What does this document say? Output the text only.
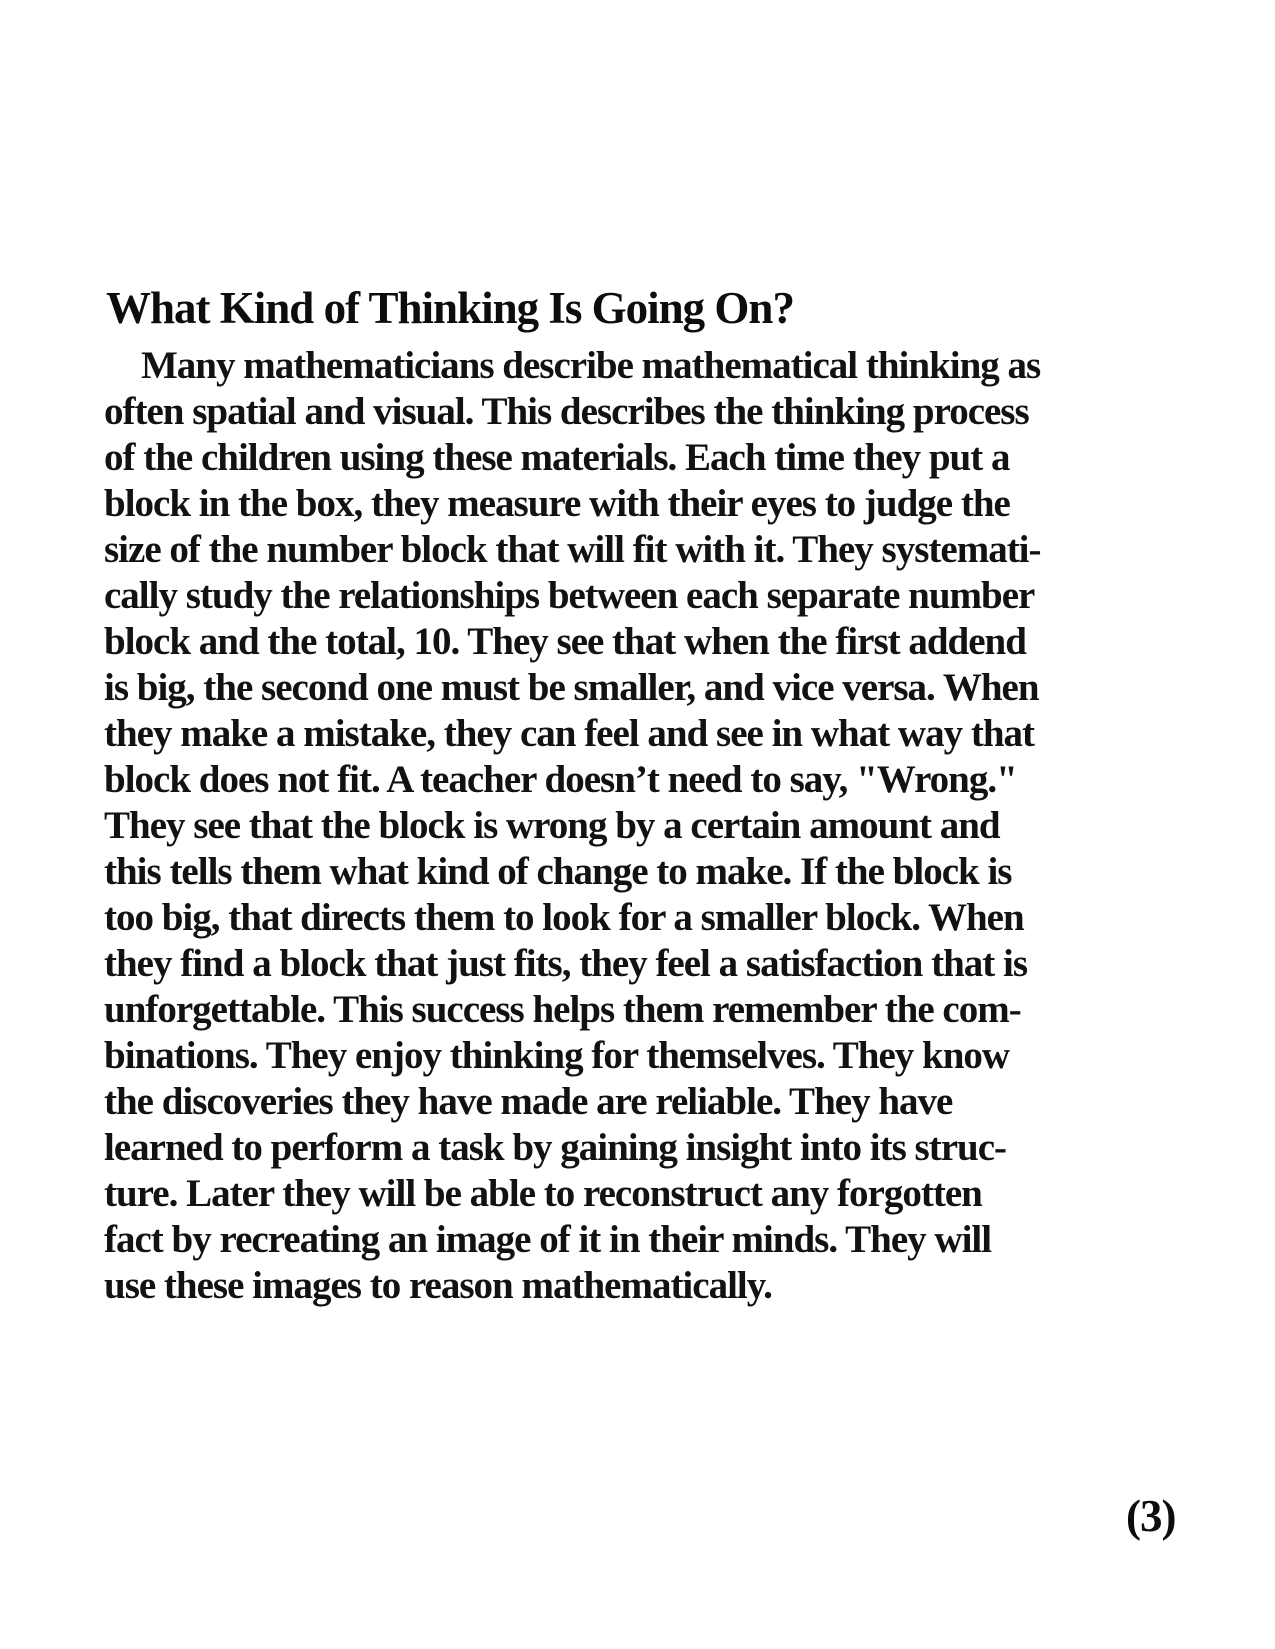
What Kind of Thinking Is Going On?
Many mathematicians describe mathematical thinking as
often spatial and visual. This describes the thinking process
of the children using these materials. Each time they put a
block in the box, they measure with their eyes to judge the
size of the number block that will fit with it. They systemati-
cally study the relationships between each separate number
block and the total, 10. They see that when the first addend
is big, the second one must be smaller, and vice versa. When
they make a mistake, they can feel and see in what way that
block does not fit. A teacher doesn’t need to say, "Wrong."
They see that the block is wrong by a certain amount and
this tells them what kind of change to make. If the block is
too big, that directs them to look for a smaller block. When
they find a block that just fits, they feel a satisfaction that is
unforgettable. This success helps them remember the com-
binations. They enjoy thinking for themselves. They know
the discoveries they have made are reliable. They have
learned to perform a task by gaining insight into its struc-
ture. Later they will be able to reconstruct any forgotten
fact by recreating an image of it in their minds. They will
use these images to reason mathematically.
(3)
